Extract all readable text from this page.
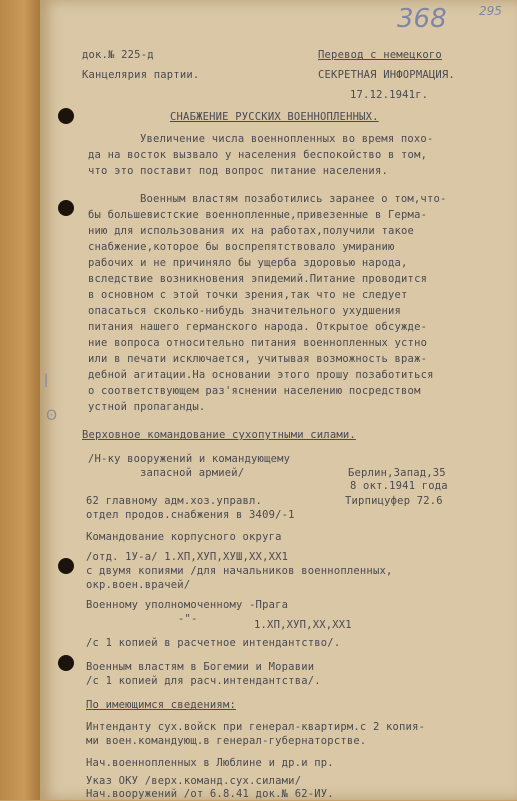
368	295
док.№ 225-д
Канцелярия партии.
Перевод с немецкого
СЕКРЕТНАЯ ИНФОРМАЦИЯ.
17.12.1941г.
СНАБЖЕНИЕ РУССКИХ ВОЕННОПЛЕННЫХ.
Увеличение числа военнопленных во время похо-
да на восток вызвало у населения беспокойство в том,
что это поставит под вопрос питание населения.
Военным властям позаботились заранее о том,что-
бы большевистские военнопленные,привезенные в Герма-
нию для использования их на работах,получили такое
снабжение,которое бы воспрепятствовало умиранию
рабочих и не причиняло бы ущерба здоровью народа,
вследствие возникновения эпидемий.Питание проводится
в основном с этой точки зрения,так что не следует
опасаться сколько-нибудь значительного ухудшения
питания нашего германского народа. Открытое обсужде-
ние вопроса относительно питания военнопленных устно
или в печати исключается, учитывая возможность враж-
дебной агитации.На основании этого прошу позаботиться
о соответствующем раз'яснении населению посредством
устной пропаганды.
ǀ
ʘ
Верховное командование сухопутными силами.
/Н-ку вооружений и командующему
запасной армией/	Берлин,Запад,35
8 окт.1941 года
Тирпицуфер 72.6
62 главному адм.хоз.управл.
отдел продов.снабжения в 3409/-1
Командование корпусного округа
/отд. 1У-а/ 1.ХП,ХУП,ХУШ,ХХ,ХХ1
с двумя копиями /для начальников военнопленных,
окр.воен.врачей/
Военному уполномоченному -Прага
-"-	1.ХП,ХУП,ХХ,ХХ1
/с 1 копией в расчетное интендантство/.
Военным властям в Богемии и Моравии
/с 1 копией для расч.интендантства/.
По имеющимся сведениям:
Интенданту сух.войск при генерал-квартирм.с 2 копия-
ми воен.командующ.в генерал-губернаторстве.
Нач.военнопленных в Люблине и др.и пр.
Указ ОКУ /верх.команд.сух.силами/
Нач.вооружений /от 6.8.41 док.№ 62-ИУ.
